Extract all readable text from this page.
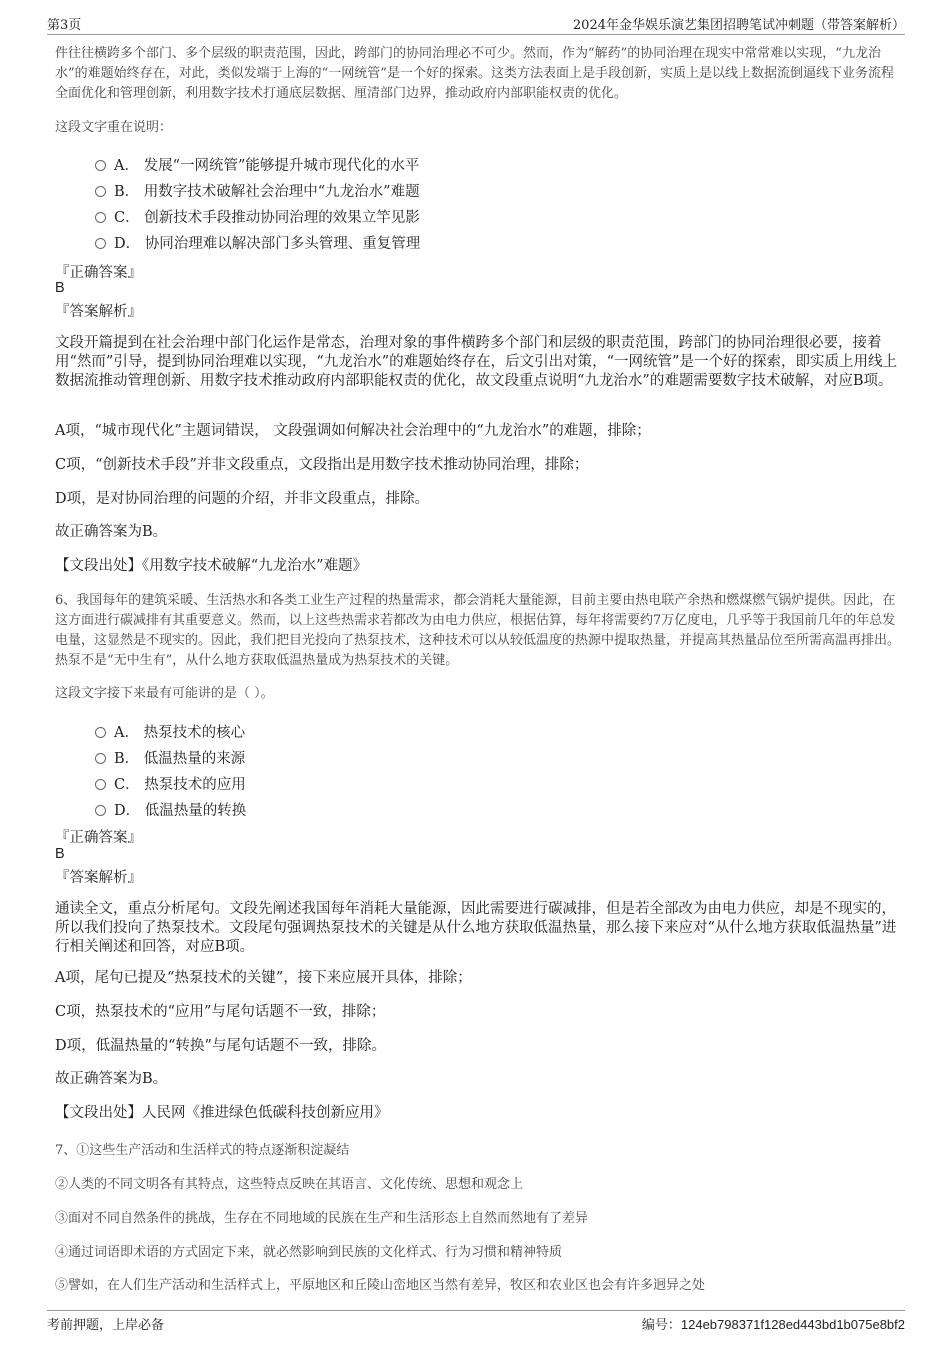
第3页	2024年金华娱乐演艺集团招聘笔试冲刺题（带答案解析）
件往往横跨多个部门、多个层级的职责范围，因此，跨部门的协同治理必不可少。然而，作为“解药”的协同治理在现实中常常难以实现，“九龙治水”的难题始终存在，对此，类似发端于上海的“一网统管”是一个好的探索。这类方法表面上是手段创新，实质上是以线上数据流倒逼线下业务流程全面优化和管理创新，利用数字技术打通底层数据、厘清部门边界，推动政府内部职能权责的优化。
这段文字重在说明：
A． 发展“一网统管”能够提升城市现代化的水平
B． 用数字技术破解社会治理中“九龙治水”难题
C． 创新技术手段推动协同治理的效果立竿见影
D． 协同治理难以解决部门多头管理、重复管理
『正确答案』
B
『答案解析』
文段开篇提到在社会治理中部门化运作是常态，治理对象的事件横跨多个部门和层级的职责范围，跨部门的协同治理很必要，接着用“然而”引导，提到协同治理难以实现，“九龙治水”的难题始终存在，后文引出对策，“一网统管”是一个好的探索，即实质上用线上数据流推动管理创新、用数字技术推动政府内部职能权责的优化，故文段重点说明“九龙治水”的难题需要数字技术破解，对应B项。
A项，“城市现代化”主题词错误， 文段强调如何解决社会治理中的“九龙治水”的难题，排除；
C项，“创新技术手段”并非文段重点，文段指出是用数字技术推动协同治理，排除；
D项，是对协同治理的问题的介绍，并非文段重点，排除。
故正确答案为B。
【文段出处】《用数字技术破解“九龙治水”难题》
6、我国每年的建筑采暖、生活热水和各类工业生产过程的热量需求，都会消耗大量能源，目前主要由热电联产余热和燃煤燃气锅炉提供。因此，在这方面进行碳减排有其重要意义。然而，以上这些热需求若都改为由电力供应，根据估算，每年将需要约7万亿度电，几乎等于我国前几年的年总发电量，这显然是不现实的。因此，我们把目光投向了热泵技术，这种技术可以从较低温度的热源中提取热量，并提高其热量品位至所需高温再排出。热泵不是“无中生有”，从什么地方获取低温热量成为热泵技术的关键。
这段文字接下来最有可能讲的是（ ）。
A． 热泵技术的核心
B． 低温热量的来源
C． 热泵技术的应用
D． 低温热量的转换
『正确答案』
B
『答案解析』
通读全文，重点分析尾句。文段先阐述我国每年消耗大量能源，因此需要进行碳减排，但是若全部改为由电力供应，却是不现实的，所以我们投向了热泵技术。文段尾句强调热泵技术的关键是从什么地方获取低温热量，那么接下来应对“从什么地方获取低温热量”进行相关阐述和回答，对应B项。
A项，尾句已提及“热泵技术的关键”，接下来应展开具体，排除；
C项，热泵技术的“应用”与尾句话题不一致，排除；
D项，低温热量的“转换”与尾句话题不一致，排除。
故正确答案为B。
【文段出处】人民网《推进绿色低碳科技创新应用》
7、①这些生产活动和生活样式的特点逐渐积淀凝结
②人类的不同文明各有其特点，这些特点反映在其语言、文化传统、思想和观念上
③面对不同自然条件的挑战，生存在不同地域的民族在生产和生活形态上自然而然地有了差异
④通过词语即术语的方式固定下来，就必然影响到民族的文化样式、行为习惯和精神特质
⑤譬如，在人们生产活动和生活样式上，平原地区和丘陵山峦地区当然有差异，牧区和农业区也会有许多迥异之处
考前押题，上岸必备	编号：124eb798371f128ed443bd1b075e8bf2
